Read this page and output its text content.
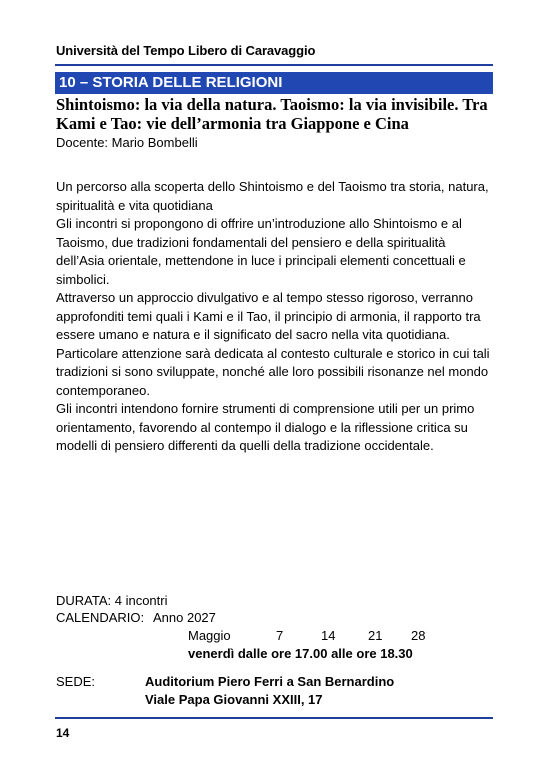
Università del Tempo Libero di Caravaggio
10 – STORIA DELLE RELIGIONI
Shintoismo: la via della natura. Taoismo: la via invisibile. Tra
Kami e Tao: vie dell’armonia tra Giappone e Cina
Docente: Mario Bombelli

Un percorso alla scoperta dello Shintoismo e del Taoismo tra storia, natura, spiritualità e vita quotidiana

Gli incontri si propongono di offrire un’introduzione allo Shintoismo e al Taoismo, due tradizioni fondamentali del pensiero e della spiritualità dell’Asia orientale, mettendone in luce i principali elementi concettuali e simbolici.

Attraverso un approccio divulgativo e al tempo stesso rigoroso, verranno approfonditi temi quali i Kami e il Tao, il principio di armonia, il rapporto tra essere umano e natura e il significato del sacro nella vita quotidiana.

Particolare attenzione sarà dedicata al contesto culturale e storico in cui tali tradizioni si sono sviluppate, nonché alle loro possibili risonanze nel mondo contemporaneo.

Gli incontri intendono fornire strumenti di comprensione utili per un primo orientamento, favorendo al contempo il dialogo e la riflessione critica su modelli di pensiero differenti da quelli della tradizione occidentale.

DURATA: 4 incontri
CALENDARIO: Anno 2027
Maggio	7	14	21 28
venerdì dalle ore 17.00 alle ore 18.30
SEDE:	Auditorium Piero Ferri a San Bernardino
Viale Papa Giovanni XXIII, 17
14
